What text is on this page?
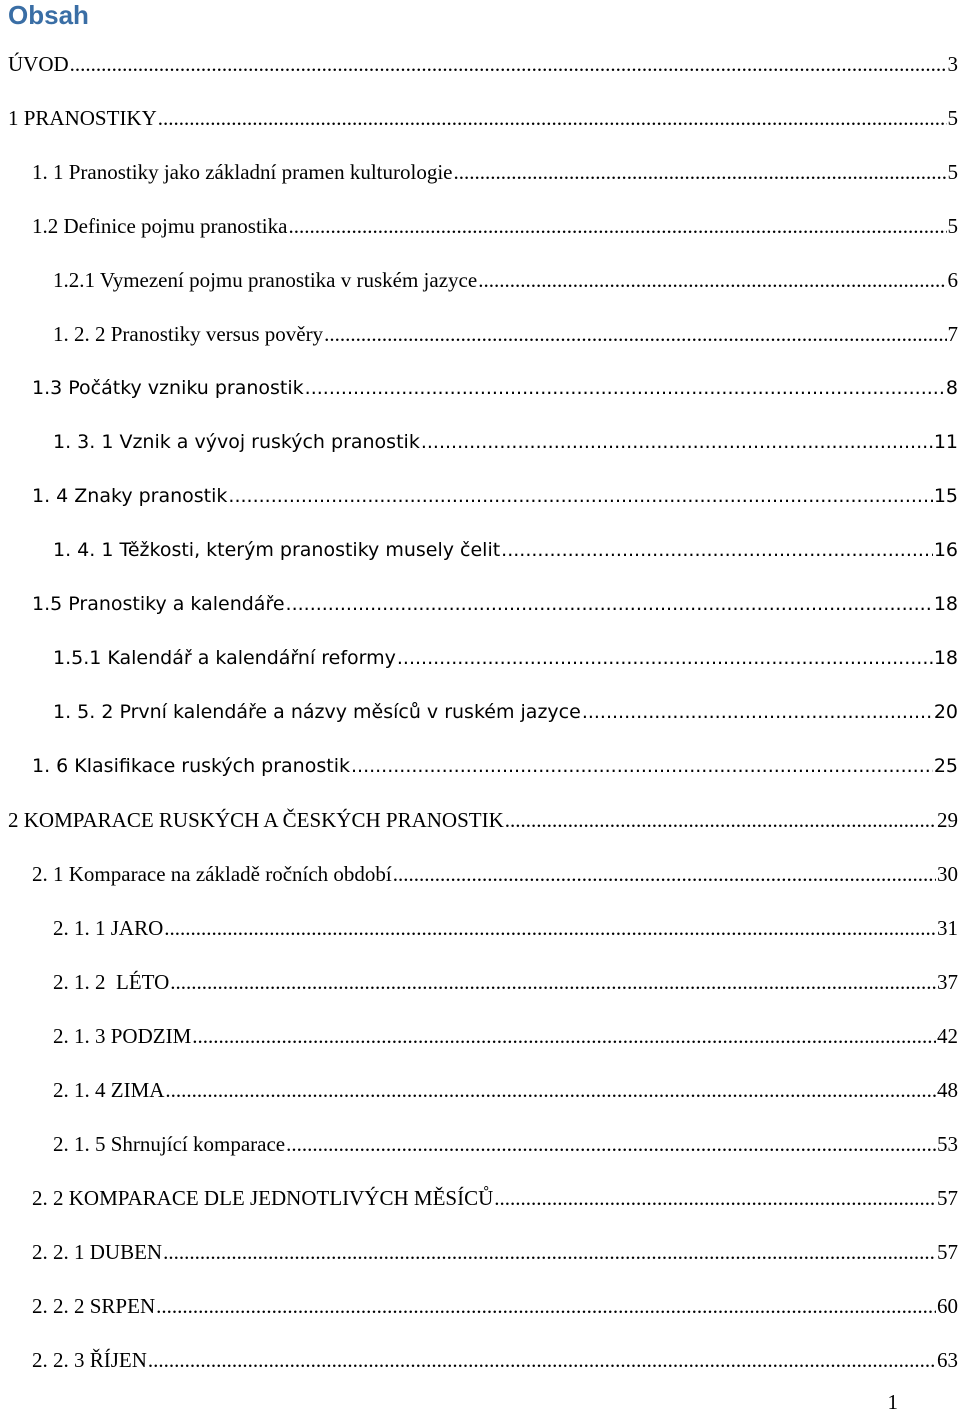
Obsah
ÚVOD .....	3
1 PRANOSTIKY .....	5
1. 1 Pranostiky jako základní pramen kulturologie .....	5
1.2 Definice pojmu pranostika .....	5
1.2.1 Vymezení pojmu pranostika v ruském jazyce .....	6
1. 2. 2 Pranostiky versus pověry .....	7
1.3 Počátky vzniku pranostik .....	8
1. 3. 1 Vznik a vývoj ruských pranostik .....	11
1. 4 Znaky pranostik .....	15
1. 4. 1 Těžkosti, kterým pranostiky musely čelit .....	16
1.5 Pranostiky a kalendáře .....	18
1.5.1 Kalendář a kalendářní reformy .....	18
1. 5. 2 První kalendáře a názvy měsíců v ruském jazyce .....	20
1. 6 Klasifikace ruských pranostik .....	25
2 KOMPARACE RUSKÝCH A ČESKÝCH PRANOSTIK .....	29
2. 1 Komparace na základě ročních období .....	30
2. 1. 1 JARO .....	31
2. 1. 2  LÉTO .....	37
2. 1. 3 PODZIM .....	42
2. 1. 4 ZIMA .....	48
2. 1. 5 Shrnující komparace .....	53
2. 2 KOMPARACE DLE JEDNOTLIVÝCH MĚSÍCŮ .....	57
2. 2. 1 DUBEN .....	57
2. 2. 2 SRPEN .....	60
2. 2. 3 ŘÍJEN .....	63
1
